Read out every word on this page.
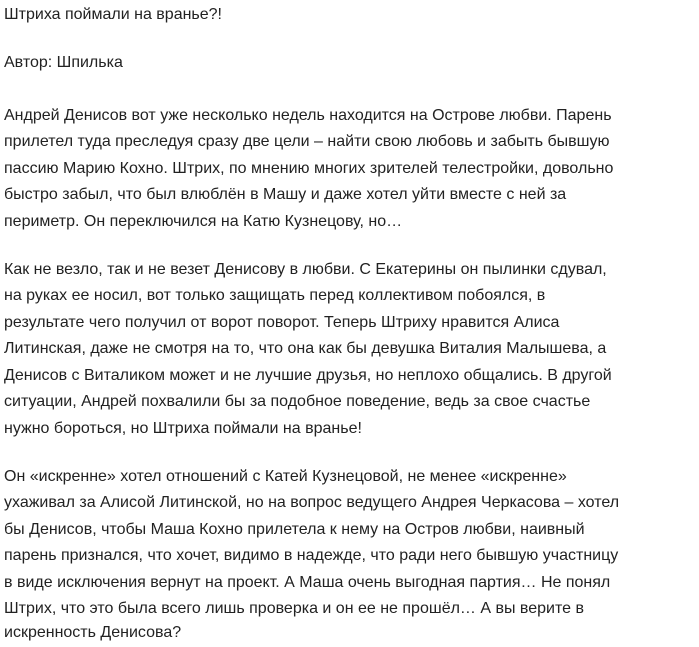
Штриха поймали на вранье?!

Автор: Шпилька

Андрей Денисов вот уже несколько недель находится на Острове любви. Парень

прилетел туда преследуя сразу две цели – найти свою любовь и забыть бывшую

пассию Марию Кохно. Штрих, по мнению многих зрителей телестройки, довольно

быстро забыл, что был влюблён в Машу и даже хотел уйти вместе с ней за

периметр. Он переключился на Катю Кузнецову, но…

Как не везло, так и не везет Денисову в любви. С Екатерины он пылинки сдувал,

на руках ее носил, вот только защищать перед коллективом побоялся, в

результате чего получил от ворот поворот. Теперь Штриху нравится Алиса

Литинская, даже не смотря на то, что она как бы девушка Виталия Малышева, а

Денисов с Виталиком может и не лучшие друзья, но неплохо общались. В другой

ситуации, Андрей похвалили бы за подобное поведение, ведь за свое счастье

нужно бороться, но Штриха поймали на вранье!

Он «искренне» хотел отношений с Катей Кузнецовой, не менее «искренне»

ухаживал за Алисой Литинской, но на вопрос ведущего Андрея Черкасова – хотел

бы Денисов, чтобы Маша Кохно прилетела к нему на Остров любви, наивный

парень признался, что хочет, видимо в надежде, что ради него бывшую участницу

в виде исключения вернут на проект. А Маша очень выгодная партия… Не понял

Штрих, что это была всего лишь проверка и он ее не прошёл… А вы верите в

искренность Денисова?
